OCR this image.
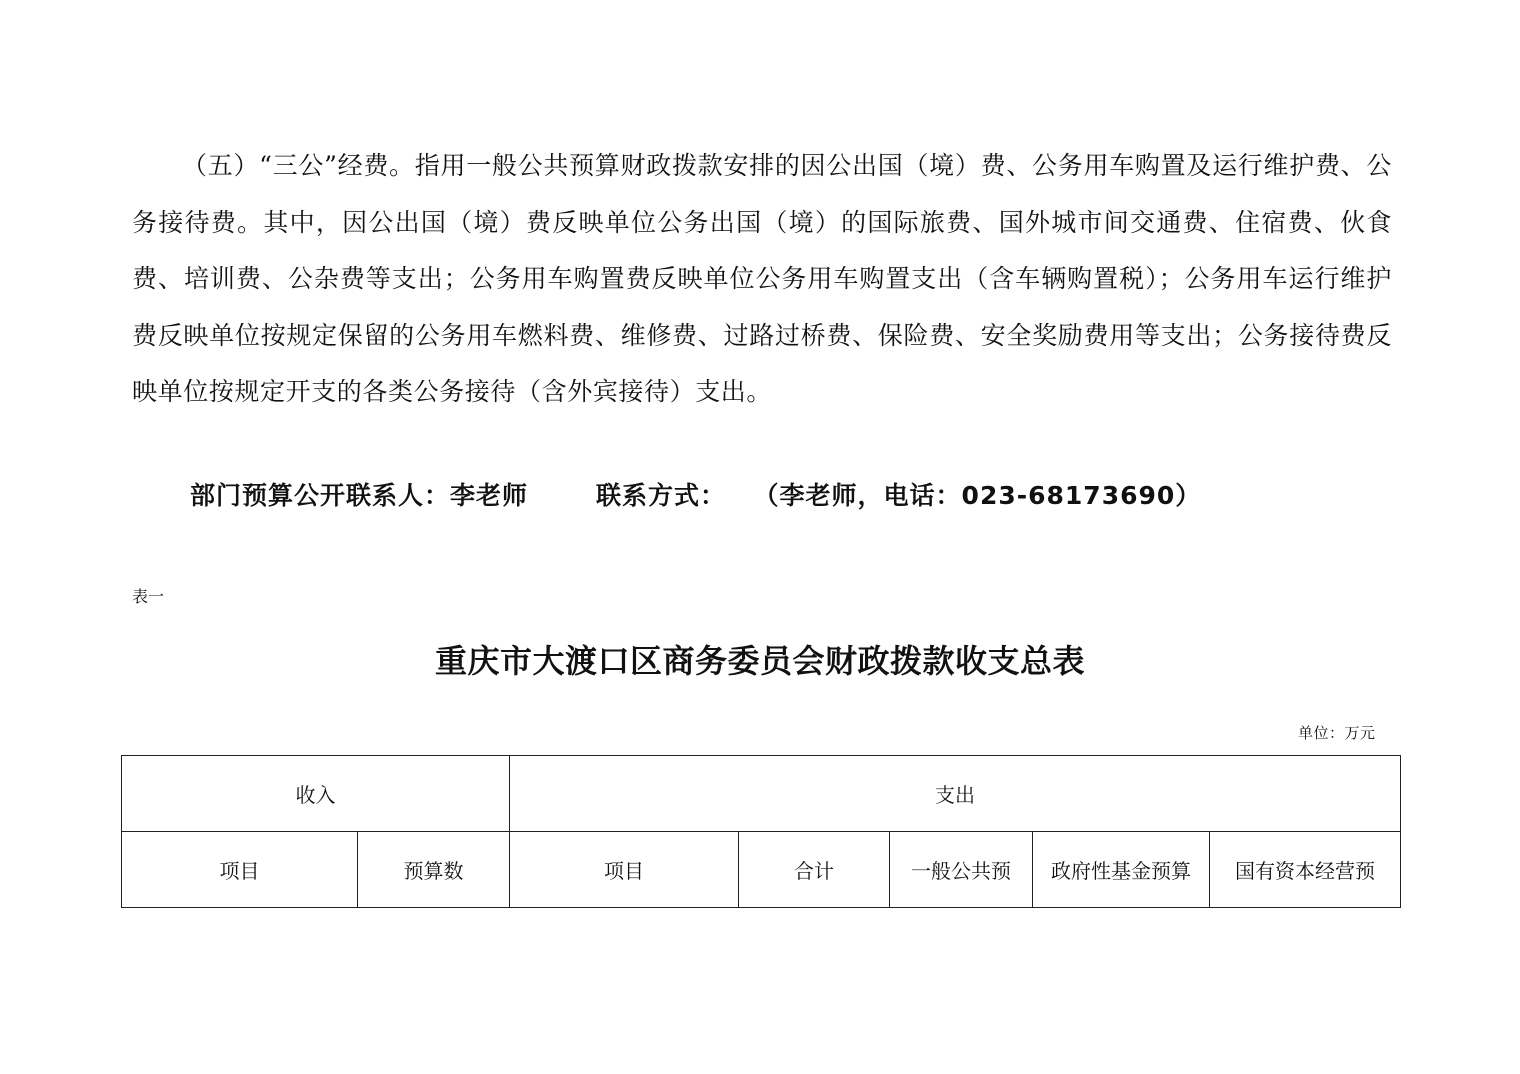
（五）“三公”经费。指用一般公共预算财政拨款安排的因公出国（境）费、公务用车购置及运行维护费、公务接待费。其中，因公出国（境）费反映单位公务出国（境）的国际旅费、国外城市间交通费、住宿费、伙食费、培训费、公杂费等支出；公务用车购置费反映单位公务用车购置支出（含车辆购置税）；公务用车运行维护费反映单位按规定保留的公务用车燃料费、维修费、过路过桥费、保险费、安全奖励费用等支出；公务接待费反映单位按规定开支的各类公务接待（含外宾接待）支出。

部门预算公开联系人：李老师	联系方式： （李老师，电话：023-68173690）
表一
重庆市大渡口区商务委员会财政拨款收支总表
单位：万元
收入		支出				
项目	预算数	项目	合计	一般公共预	政府性基金预算	国有资本经营预
